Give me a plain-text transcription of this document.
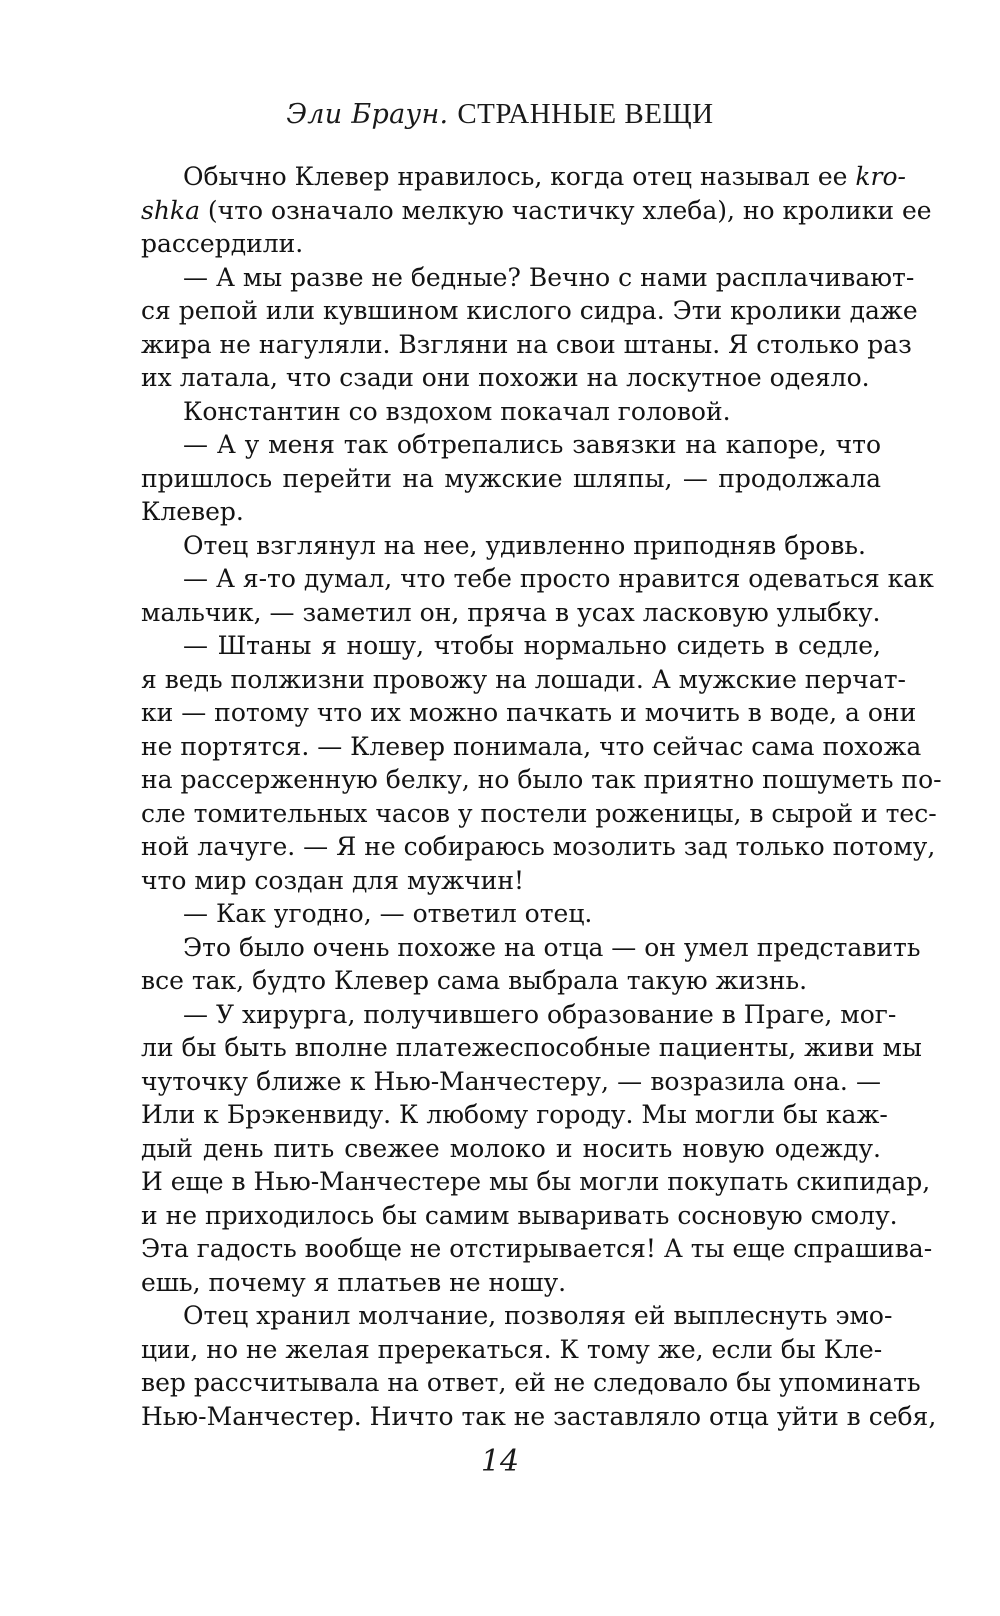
Эли Браун. СТРАННЫЕ ВЕЩИ
Обычно Клевер нравилось, когда отец называл ее kro-
shka (что означало мелкую частичку хлеба), но кролики ее
рассердили.
— А мы разве не бедные? Вечно с нами расплачивают-
ся репой или кувшином кислого сидра. Эти кролики даже
жира не нагуляли. Взгляни на свои штаны. Я столько раз
их латала, что сзади они похожи на лоскутное одеяло.
Константин со вздохом покачал головой.
— А у меня так обтрепались завязки на капоре, что
пришлось перейти на мужские шляпы, — продолжала
Клевер.
Отец взглянул на нее, удивленно приподняв бровь.
— А я-то думал, что тебе просто нравится одеваться как
мальчик, — заметил он, пряча в усах ласковую улыбку.
— Штаны я ношу, чтобы нормально сидеть в седле,
я ведь полжизни провожу на лошади. А мужские перчат-
ки — потому что их можно пачкать и мочить в воде, а они
не портятся. — Клевер понимала, что сейчас сама похожа
на рассерженную белку, но было так приятно пошуметь по-
сле томительных часов у постели роженицы, в сырой и тес-
ной лачуге. — Я не собираюсь мозолить зад только потому,
что мир создан для мужчин!
— Как угодно, — ответил отец.
Это было очень похоже на отца — он умел представить
все так, будто Клевер сама выбрала такую жизнь.
— У хирурга, получившего образование в Праге, мог-
ли бы быть вполне платежеспособные пациенты, живи мы
чуточку ближе к Нью-Манчестеру, — возразила она. —
Или к Брэкенвиду. К любому городу. Мы могли бы каж-
дый день пить свежее молоко и носить новую одежду.
И еще в Нью-Манчестере мы бы могли покупать скипидар,
и не приходилось бы самим вываривать сосновую смолу.
Эта гадость вообще не отстирывается! А ты еще спрашива-
ешь, почему я платьев не ношу.
Отец хранил молчание, позволяя ей выплеснуть эмо-
ции, но не желая пререкаться. К тому же, если бы Кле-
вер рассчитывала на ответ, ей не следовало бы упоминать
Нью-Манчестер. Ничто так не заставляло отца уйти в себя,
14
